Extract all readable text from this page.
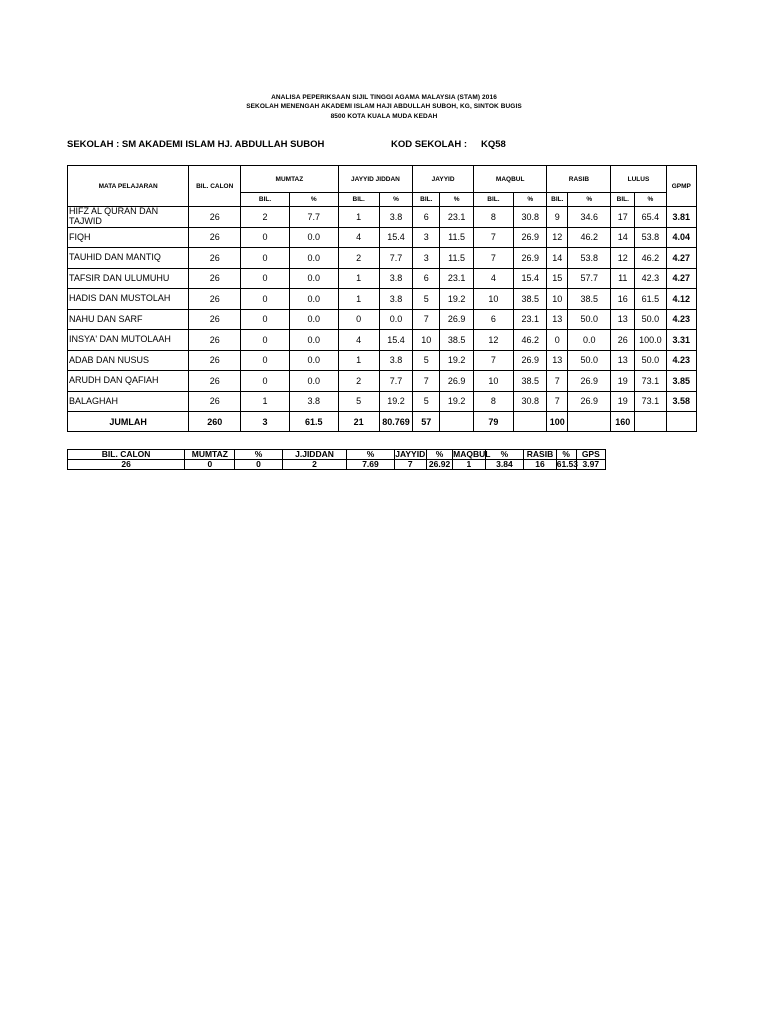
ANALISA PEPERIKSAAN SIJIL TINGGI AGAMA MALAYSIA (STAM) 2016
SEKOLAH MENENGAH AKADEMI ISLAM HAJI ABDULLAH SUBOH, KG, SINTOK BUGIS
8500 KOTA KUALA MUDA KEDAH
SEKOLAH : SM AKADEMI ISLAM HJ. ABDULLAH SUBOH	KOD SEKOLAH : KQ58
MATA PELAJARAN	BIL. CALON	MUMTAZ		JAYYID JIDDAN		JAYYID		MAQBUL		RASIB		LULUS		GPMP
		BIL.	%	BIL.	%	BIL.	%	BIL.	%	BIL.	%	BIL.	%	
HIFZ AL QURAN DAN TAJWID	26	2	7.7	1	3.8	6	23.1	8	30.8	9	34.6	17	65.4	3.81
FIQH	26	0	0.0	4	15.4	3	11.5	7	26.9	12	46.2	14	53.8	4.04
TAUHID DAN MANTIQ	26	0	0.0	2	7.7	3	11.5	7	26.9	14	53.8	12	46.2	4.27
TAFSIR DAN ULUMUHU	26	0	0.0	1	3.8	6	23.1	4	15.4	15	57.7	11	42.3	4.27
HADIS DAN MUSTOLAH	26	0	0.0	1	3.8	5	19.2	10	38.5	10	38.5	16	61.5	4.12
NAHU DAN SARF	26	0	0.0	0	0.0	7	26.9	6	23.1	13	50.0	13	50.0	4.23
INSYA' DAN MUTOLAAH	26	0	0.0	4	15.4	10	38.5	12	46.2	0	0.0	26	100.0	3.31
ADAB DAN NUSUS	26	0	0.0	1	3.8	5	19.2	7	26.9	13	50.0	13	50.0	4.23
ARUDH DAN QAFIAH	26	0	0.0	2	7.7	7	26.9	10	38.5	7	26.9	19	73.1	3.85
BALAGHAH	26	1	3.8	5	19.2	5	19.2	8	30.8	7	26.9	19	73.1	3.58
JUMLAH	260	3	61.5	21	80.769	57		79		100		160		
BIL. CALON	MUMTAZ	%	J.JIDDAN	%	JAYYID	%	MAQBUL	%	RASIB	%	GPS
26	0	0	2	7.69	7	26.92	1	3.84	16	61.53	3.97
